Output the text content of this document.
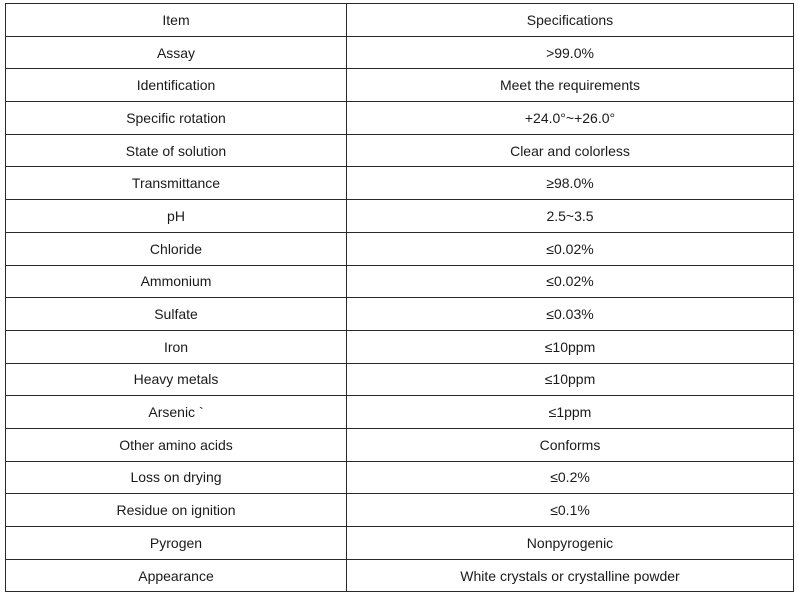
Item	Specifications
Assay	>99.0%
Identification	Meet the requirements
Specific rotation	+24.0°~+26.0°
State of solution	Clear and colorless
Transmittance	≥98.0%
pH	2.5~3.5
Chloride	≤0.02%
Ammonium	≤0.02%
Sulfate	≤0.03%
Iron	≤10ppm
Heavy metals	≤10ppm
Arsenic `	≤1ppm
Other amino acids	Conforms
Loss on drying	≤0.2%
Residue on ignition	≤0.1%
Pyrogen	Nonpyrogenic
Appearance	White crystals or crystalline powder
